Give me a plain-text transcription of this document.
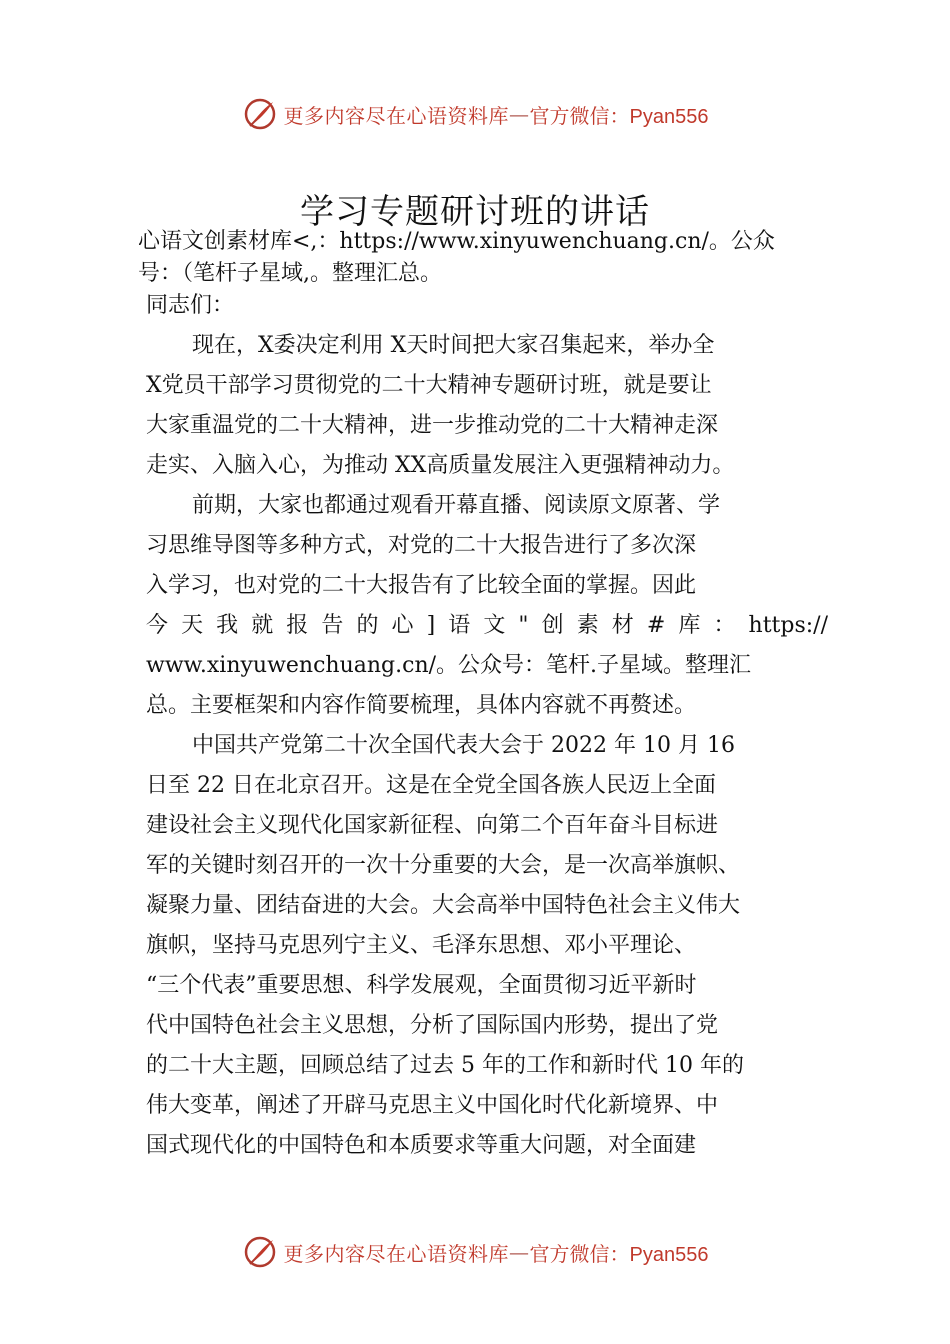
更多内容尽在心语资料库 — 官方微信：Pyan556
学习专题研讨班的讲话
心语文创素材库<,：https://www.xinyuwenchuang.cn/。公众
号：（笔杆子星域,。整理汇总。
同志们：
现在，X委决定利用 X天时间把大家召集起来，举办全
X党员干部学习贯彻党的二十大精神专题研讨班，就是要让
大家重温党的二十大精神，进一步推动党的二十大精神走深
走实、入脑入心，为推动 XX高质量发展注入更强精神动力。
前期，大家也都通过观看开幕直播、阅读原文原著、学
习思维导图等多种方式，对党的二十大报告进行了多次深
入学习，也对党的二十大报告有了比较全面的掌握。因此
今天我就报告的心]语文"创素材#库：https://
www.xinyuwenchuang.cn/。公众号：笔杆.子星域。整理汇
总。主要框架和内容作简要梳理，具体内容就不再赘述。
中国共产党第二十次全国代表大会于 2022 年 10 月 16
日至 22 日在北京召开。这是在全党全国各族人民迈上全面
建设社会主义现代化国家新征程、向第二个百年奋斗目标进
军的关键时刻召开的一次十分重要的大会，是一次高举旗帜、
凝聚力量、团结奋进的大会。大会高举中国特色社会主义伟大
旗帜，坚持马克思列宁主义、毛泽东思想、邓小平理论、
“三个代表”重要思想、科学发展观，全面贯彻习近平新时
代中国特色社会主义思想，分析了国际国内形势，提出了党
的二十大主题，回顾总结了过去 5 年的工作和新时代 10 年的
伟大变革，阐述了开辟马克思主义中国化时代化新境界、中
国式现代化的中国特色和本质要求等重大问题，对全面建
更多内容尽在心语资料库 — 官方微信：Pyan556
